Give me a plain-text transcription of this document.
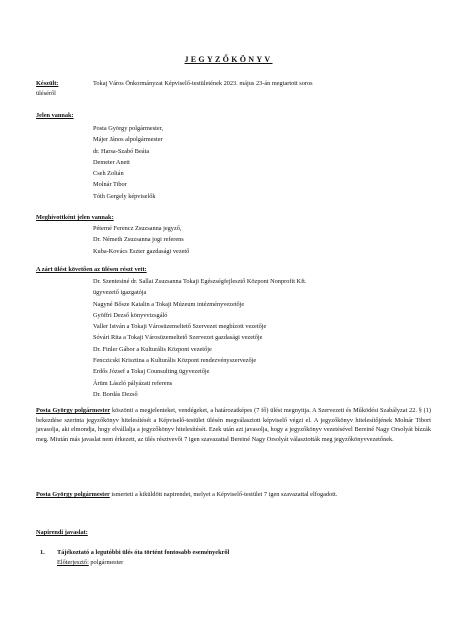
JEGYZŐKÖNYV
Készült:	Tokaj Város Önkormányzat Képviselő-testületének 2023. május 23-án megtartott soros
üléséről
Jelen vannak:
Posta György polgármester,
Májer János alpolgármester
dr. Harsa-Szabó Beáta
Demeter Anett
Cseh Zoltán
Molnár Tibor
Tóth Gergely képviselők
Meghívottként jelen vannak:
Péterné Ferencz Zsuzsanna jegyző,
Dr. Németh Zsuzsanna jogi referens
Kuba-Kovács Eszter gazdasági vezető
A zárt ülést követően az ülésen részt vett:
Dr. Szentesiné dr. Sallai Zsuzsanna Tokaji Egészségfejlesztő Központ Nonprofit Kft.
ügyvezető igazgatója
Nagyné Bősze Katalin a Tokaji Múzeum intézményvezetője
Gyöffri Dezső könyvvizsgáló
Valler István a Tokaji Városüzemeltető Szervezet megbízott vezetője
Sóvári Rita a Tokaji Városüzemeltető Szervezet gazdasági vezetője
Dr. Finler Gábor a Kulturális Központ vezetője
Fenczicski Krisztina a Kulturális Központ rendezvényszervezője
Erdős József a Tokaj Counsulting ügyvezetője
Árüm László pályázati referens
Dr. Bordás Dezső
Posta György polgármester köszönti a megjelenteket, vendégeket, a határozatképes (7 fő) ülést megnyitja. A Szervezeti és Működési Szabályzat 22. § (1) bekezdése szerinta jegyzőkönyv hitelesítését a Képviselő-testület ülésén megválasztott képviselő végzi el. A jegyzőkönyv hitelesítőjének Molnár Tibort javasolja, aki elmondja, hogy elvállalja a jegyzőkönyv hitelesítését. Ezek után azt javasolja, hogy a jegyzőkönyv vezetésével Bereiné Nagy Orsolyát bízzák meg. Miután más javaslat nem érkezett, az ülés résztvevői 7 igen szavazattal Bereiné Nagy Orsolyát választották meg jegyzőkönyvvezetőnek.
Posta György polgármester ismerteti a kiküldött napirendet, melyet a Képviselő-testület 7 igen szavazattal elfogadott.
Napirendi javaslat:
1. Tájékoztató a legutóbbi ülés óta történt fontosabb eseményekről
Előterjesztő: polgármester
